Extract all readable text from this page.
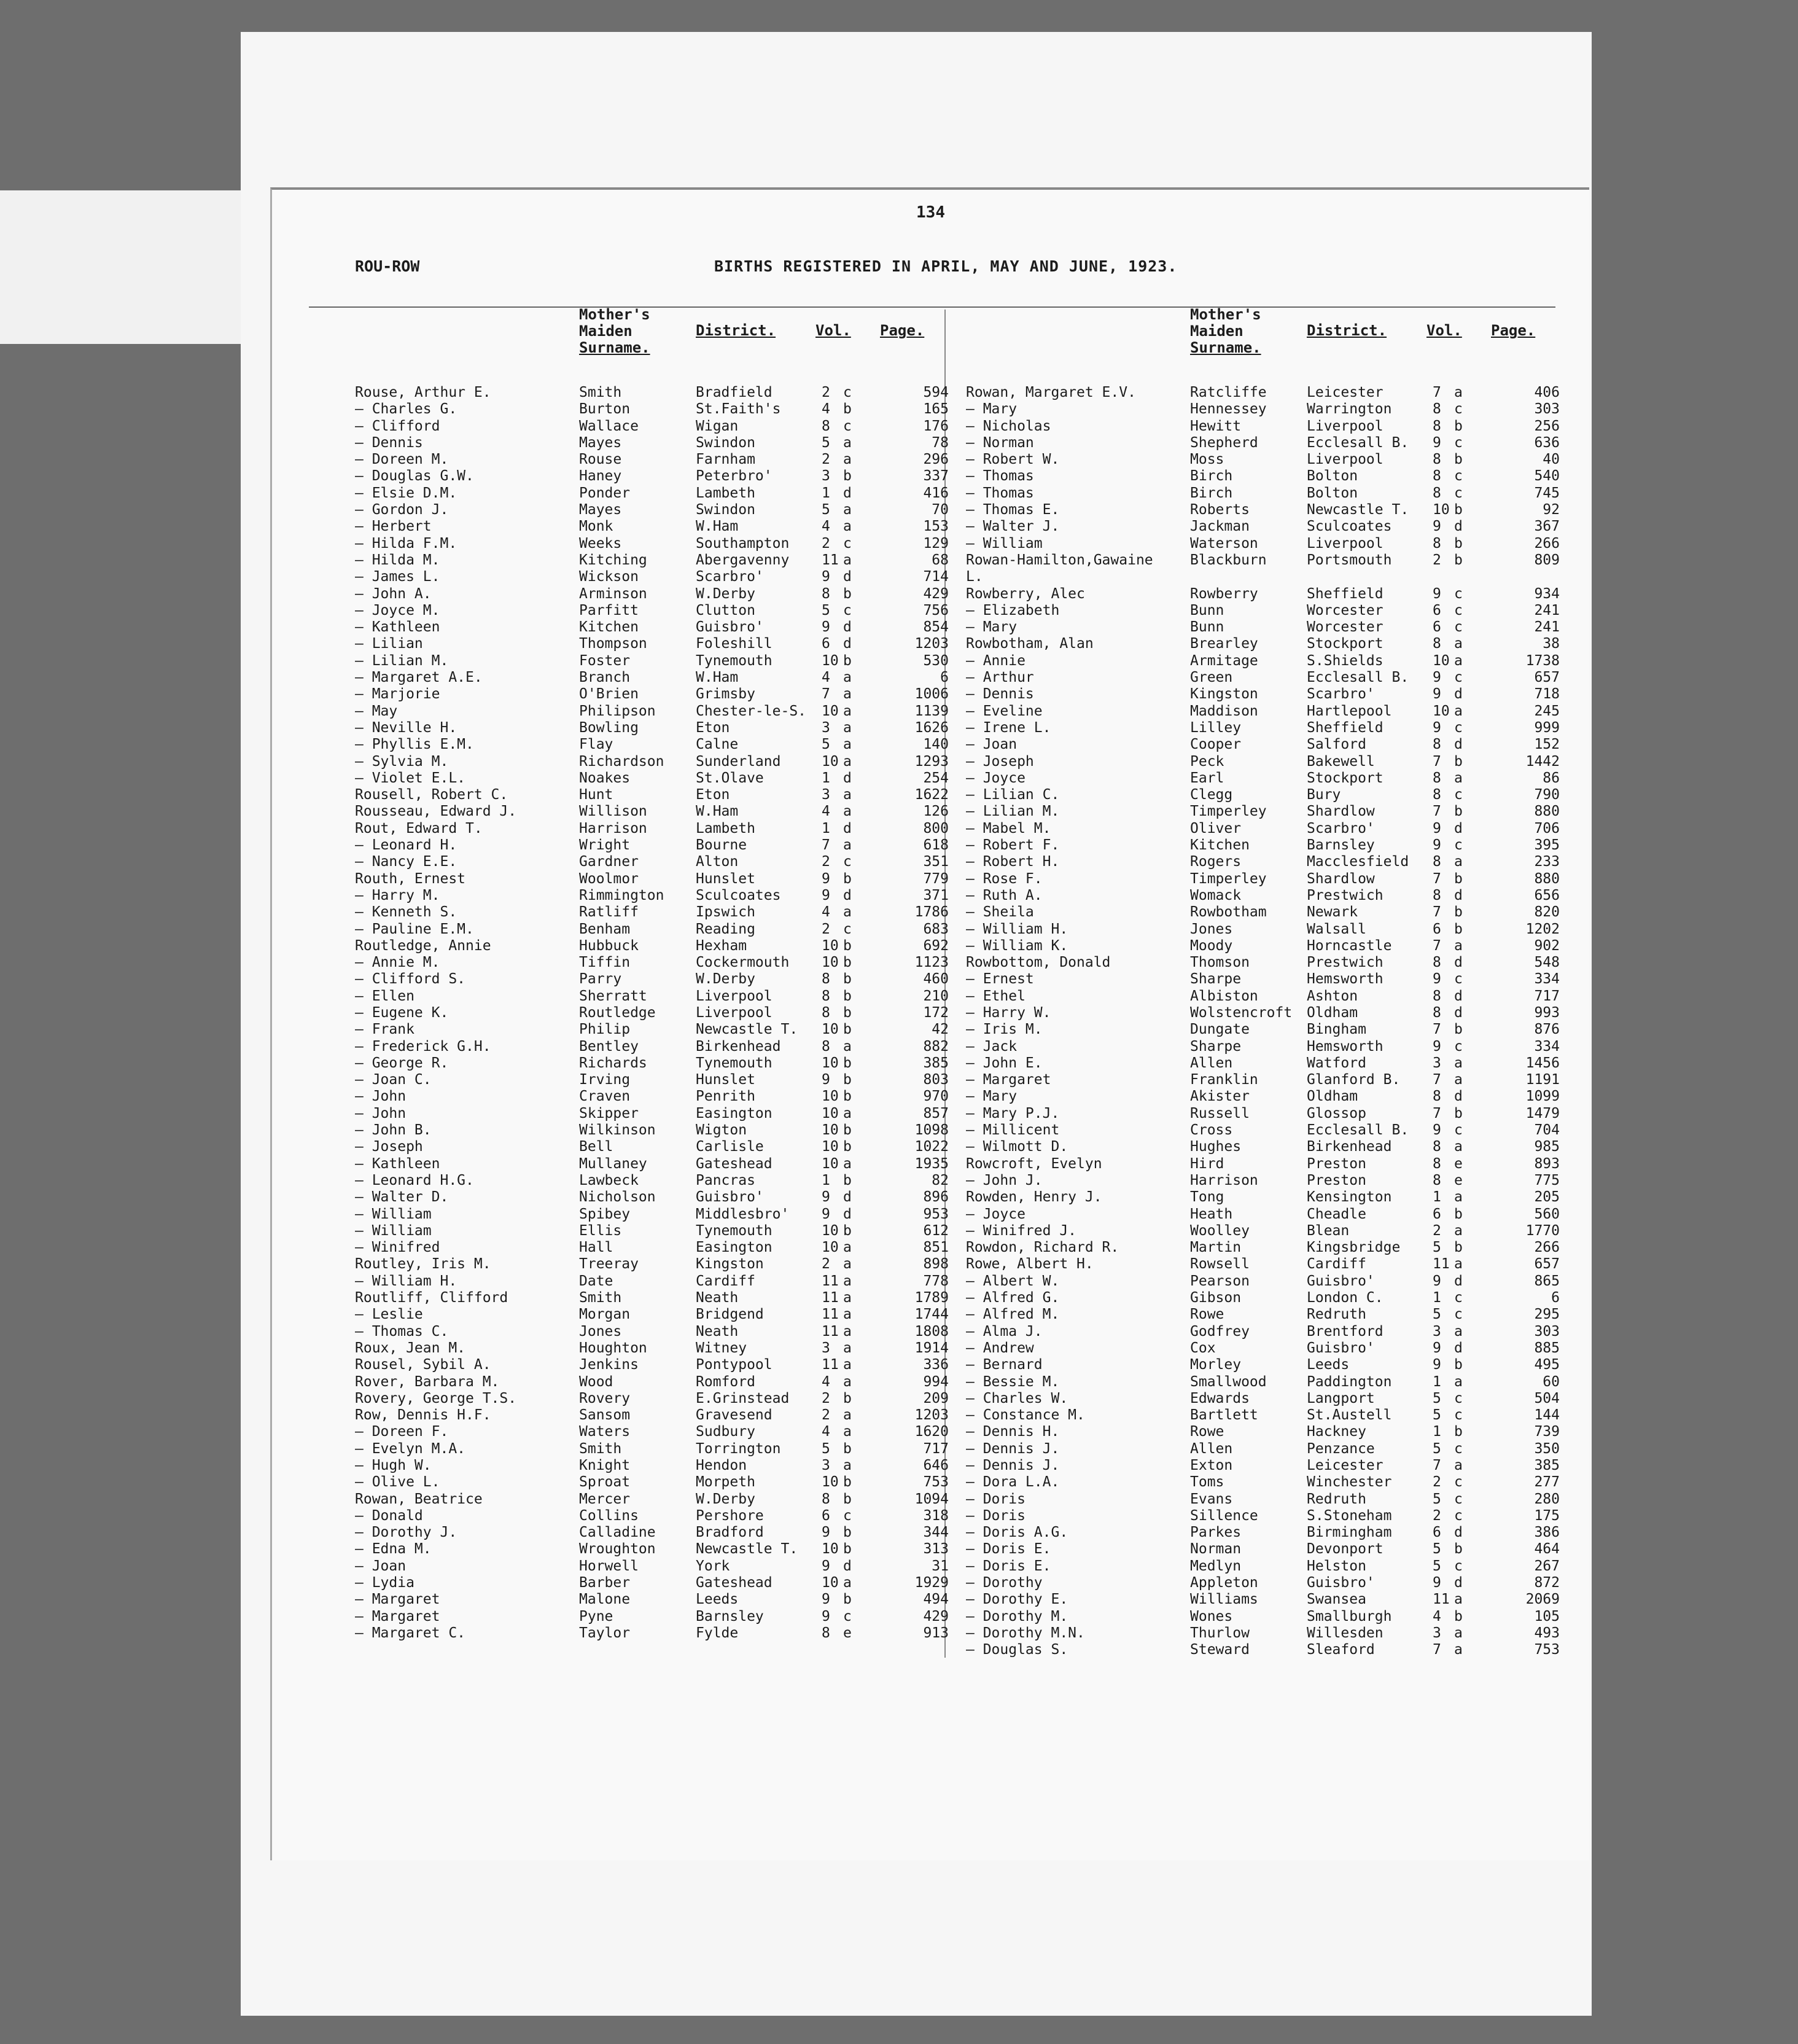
134
ROU-ROW	BIRTHS REGISTERED IN APRIL, MAY AND JUNE, 1923.
Mother's
Maiden
Surname.
District.	Vol. Page.
Rouse, Arthur E.	Smith	Bradfield	2 c	594
— Charles G.	Burton	St.Faith's	4 b	165
— Clifford	Wallace	Wigan	8 c	176
— Dennis	Mayes	Swindon	5 a	78
— Doreen M.	Rouse	Farnham	2 a	296
— Douglas G.W.	Haney	Peterbro'	3 b	337
— Elsie D.M.	Ponder	Lambeth	1 d	416
— Gordon J.	Mayes	Swindon	5 a	70
— Herbert	Monk	W.Ham	4 a	153
— Hilda F.M.	Weeks	Southampton 2 c	129
— Hilda M.	Kitching	Abergavenny 11 a	68
— James L.	Wickson	Scarbro'	9 d	714
— John A.	Arminson	W.Derby	8 b	429
— Joyce M.	Parfitt	Clutton	5 c	756
— Kathleen	Kitchen	Guisbro'	9 d	854
— Lilian	Thompson	Foleshill	6 d	1203
— Lilian M.	Foster	Tynemouth	10 b	530
— Margaret A.E.	Branch	W.Ham	4 a	6
— Marjorie	O'Brien	Grimsby	7 a	1006
— May	Philipson	Chester-le-S. 10 a	1139
— Neville H.	Bowling	Eton	3 a	1626
— Phyllis E.M.	Flay	Calne	5 a	140
— Sylvia M.	Richardson Sunderland	10 a	1293
— Violet E.L.	Noakes	St.Olave	1 d	254
Rousell, Robert C.	Hunt	Eton	3 a	1622
Rousseau, Edward J.	Willison	W.Ham	4 a	126
Rout, Edward T.	Harrison	Lambeth	1 d	800
— Leonard H.	Wright	Bourne	7 a	618
— Nancy E.E.	Gardner	Alton	2 c	351
Routh, Ernest	Woolmor	Hunslet	9 b	779
— Harry M.	Rimmington Sculcoates	9 d	371
— Kenneth S.	Ratliff	Ipswich	4 a	1786
— Pauline E.M.	Benham	Reading	2 c	683
Routledge, Annie	Hubbuck	Hexham	10 b	692
— Annie M.	Tiffin	Cockermouth 10 b	1123
— Clifford S.	Parry	W.Derby	8 b	460
— Ellen	Sherratt	Liverpool	8 b	210
— Eugene K.	Routledge	Liverpool	8 b	172
— Frank	Philip	Newcastle T. 10 b	42
— Frederick G.H.	Bentley	Birkenhead	8 a	882
— George R.	Richards	Tynemouth	10 b	385
— Joan C.	Irving	Hunslet	9 b	803
— John	Craven	Penrith	10 b	970
— John	Skipper	Easington	10 a	857
— John B.	Wilkinson	Wigton	10 b	1098
— Joseph	Bell	Carlisle	10 b	1022
— Kathleen	Mullaney	Gateshead	10 a	1935
— Leonard H.G.	Lawbeck	Pancras	1 b	82
— Walter D.	Nicholson	Guisbro'	9 d	896
— William	Spibey	Middlesbro' 9 d	953
— William	Ellis	Tynemouth	10 b	612
— Winifred	Hall	Easington	10 a	851
Routley, Iris M.	Treeray	Kingston	2 a	898
— William H.	Date	Cardiff	11 a	778
Routliff, Clifford	Smith	Neath	11 a	1789
— Leslie	Morgan	Bridgend	11 a	1744
— Thomas C.	Jones	Neath	11 a	1808
Roux, Jean M.	Houghton	Witney	3 a	1914
Rousel, Sybil A.	Jenkins	Pontypool	11 a	336
Rover, Barbara M.	Wood	Romford	4 a	994
Rovery, George T.S.	Rovery	E.Grinstead 2 b	209
Row, Dennis H.F.	Sansom	Gravesend	2 a	1203
— Doreen F.	Waters	Sudbury	4 a	1620
— Evelyn M.A.	Smith	Torrington	5 b	717
— Hugh W.	Knight	Hendon	3 a	646
— Olive L.	Sproat	Morpeth	10 b	753
Rowan, Beatrice	Mercer	W.Derby	8 b	1094
— Donald	Collins	Pershore	6 c	318
— Dorothy J.	Calladine	Bradford	9 b	344
— Edna M.	Wroughton	Newcastle T. 10 b	313
— Joan	Horwell	York	9 d	31
— Lydia	Barber	Gateshead	10 a	1929
— Margaret	Malone	Leeds	9 b	494
— Margaret	Pyne	Barnsley	9 c	429
— Margaret C.	Taylor	Fylde	8 e	913
Mother's
Maiden
Surname.
District.	Vol. Page.
Rowan, Margaret E.V.	Ratcliffe	Leicester	7 a	406
— Mary	Hennessey	Warrington	8 c	303
— Nicholas	Hewitt	Liverpool	8 b	256
— Norman	Shepherd	Ecclesall B. 9 c	636
— Robert W.	Moss	Liverpool	8 b	40
— Thomas	Birch	Bolton	8 c	540
— Thomas	Birch	Bolton	8 c	745
— Thomas E.	Roberts	Newcastle T. 10 b	92
— Walter J.	Jackman	Sculcoates	9 d	367
— William	Waterson	Liverpool	8 b	266
Rowan-Hamilton,Gawaine	Blackburn	Portsmouth	2 b	809
L.
Rowberry, Alec	Rowberry	Sheffield	9 c	934
— Elizabeth	Bunn	Worcester	6 c	241
— Mary	Bunn	Worcester	6 c	241
Rowbotham, Alan	Brearley	Stockport	8 a	38
— Annie	Armitage	S.Shields	10 a	1738
— Arthur	Green	Ecclesall B. 9 c	657
— Dennis	Kingston	Scarbro'	9 d	718
— Eveline	Maddison	Hartlepool	10 a	245
— Irene L.	Lilley	Sheffield	9 c	999
— Joan	Cooper	Salford	8 d	152
— Joseph	Peck	Bakewell	7 b	1442
— Joyce	Earl	Stockport	8 a	86
— Lilian C.	Clegg	Bury	8 c	790
— Lilian M.	Timperley	Shardlow	7 b	880
— Mabel M.	Oliver	Scarbro'	9 d	706
— Robert F.	Kitchen	Barnsley	9 c	395
— Robert H.	Rogers	Macclesfield 8 a	233
— Rose F.	Timperley	Shardlow	7 b	880
— Ruth A.	Womack	Prestwich	8 d	656
— Sheila	Rowbotham	Newark	7 b	820
— William H.	Jones	Walsall	6 b	1202
— William K.	Moody	Horncastle	7 a	902
Rowbottom, Donald	Thomson	Prestwich	8 d	548
— Ernest	Sharpe	Hemsworth	9 c	334
— Ethel	Albiston	Ashton	8 d	717
— Harry W.	Wolstencroft Oldham	8 d	993
— Iris M.	Dungate	Bingham	7 b	876
— Jack	Sharpe	Hemsworth	9 c	334
— John E.	Allen	Watford	3 a	1456
— Margaret	Franklin	Glanford B. 7 a	1191
— Mary	Akister	Oldham	8 d	1099
— Mary P.J.	Russell	Glossop	7 b	1479
— Millicent	Cross	Ecclesall B. 9 c	704
— Wilmott D.	Hughes	Birkenhead	8 a	985
Rowcroft, Evelyn	Hird	Preston	8 e	893
— John J.	Harrison	Preston	8 e	775
Rowden, Henry J.	Tong	Kensington	1 a	205
— Joyce	Heath	Cheadle	6 b	560
— Winifred J.	Woolley	Blean	2 a	1770
Rowdon, Richard R.	Martin	Kingsbridge 5 b	266
Rowe, Albert H.	Rowsell	Cardiff	11 a	657
— Albert W.	Pearson	Guisbro'	9 d	865
— Alfred G.	Gibson	London C.	1 c	6
— Alfred M.	Rowe	Redruth	5 c	295
— Alma J.	Godfrey	Brentford	3 a	303
— Andrew	Cox	Guisbro'	9 d	885
— Bernard	Morley	Leeds	9 b	495
— Bessie M.	Smallwood	Paddington	1 a	60
— Charles W.	Edwards	Langport	5 c	504
— Constance M.	Bartlett	St.Austell	5 c	144
— Dennis H.	Rowe	Hackney	1 b	739
— Dennis J.	Allen	Penzance	5 c	350
— Dennis J.	Exton	Leicester	7 a	385
— Dora L.A.	Toms	Winchester	2 c	277
— Doris	Evans	Redruth	5 c	280
— Doris	Sillence	S.Stoneham	2 c	175
— Doris A.G.	Parkes	Birmingham	6 d	386
— Doris E.	Norman	Devonport	5 b	464
— Doris E.	Medlyn	Helston	5 c	267
— Dorothy	Appleton	Guisbro'	9 d	872
— Dorothy E.	Williams	Swansea	11 a	2069
— Dorothy M.	Wones	Smallburgh	4 b	105
— Dorothy M.N.	Thurlow	Willesden	3 a	493
— Douglas S.	Steward	Sleaford	7 a	753
